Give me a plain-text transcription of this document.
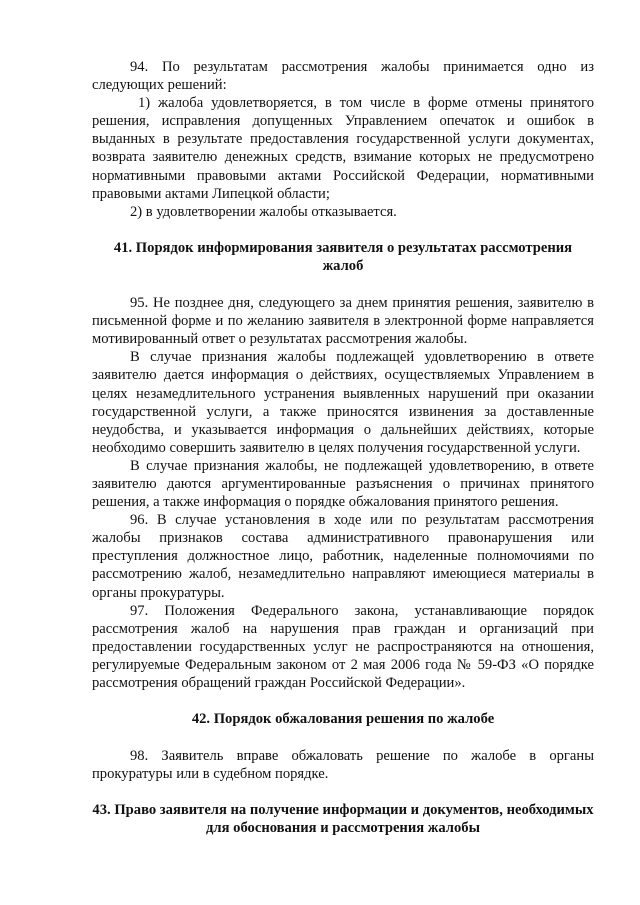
94. По результатам рассмотрения жалобы принимается одно из следующих решений:

1) жалоба удовлетворяется, в том числе в форме отмены принятого решения, исправления допущенных Управлением опечаток и ошибок в выданных в результате предоставления государственной услуги документах, возврата заявителю денежных средств, взимание которых не предусмотрено нормативными правовыми актами Российской Федерации, нормативными правовыми актами Липецкой области;

2) в удовлетворении жалобы отказывается.

41. Порядок информирования заявителя о результатах рассмотрения жалоб

95. Не позднее дня, следующего за днем принятия решения, заявителю в письменной форме и по желанию заявителя в электронной форме направляется мотивированный ответ о результатах рассмотрения жалобы.

В случае признания жалобы подлежащей удовлетворению в ответе заявителю дается информация о действиях, осуществляемых Управлением в целях незамедлительного устранения выявленных нарушений при оказании государственной услуги, а также приносятся извинения за доставленные неудобства, и указывается информация о дальнейших действиях, которые необходимо совершить заявителю в целях получения государственной услуги.

В случае признания жалобы, не подлежащей удовлетворению, в ответе заявителю даются аргументированные разъяснения о причинах принятого решения, а также информация о порядке обжалования принятого решения.

96. В случае установления в ходе или по результатам рассмотрения жалобы признаков состава административного правонарушения или преступления должностное лицо, работник, наделенные полномочиями по рассмотрению жалоб, незамедлительно направляют имеющиеся материалы в органы прокуратуры.

97. Положения Федерального закона, устанавливающие порядок рассмотрения жалоб на нарушения прав граждан и организаций при предоставлении государственных услуг не распространяются на отношения, регулируемые Федеральным законом от 2 мая 2006 года № 59-ФЗ «О порядке рассмотрения обращений граждан Российской Федерации».

42. Порядок обжалования решения по жалобе

98. Заявитель вправе обжаловать решение по жалобе в органы прокуратуры или в судебном порядке.

43. Право заявителя на получение информации и документов, необходимых для обоснования и рассмотрения жалобы
